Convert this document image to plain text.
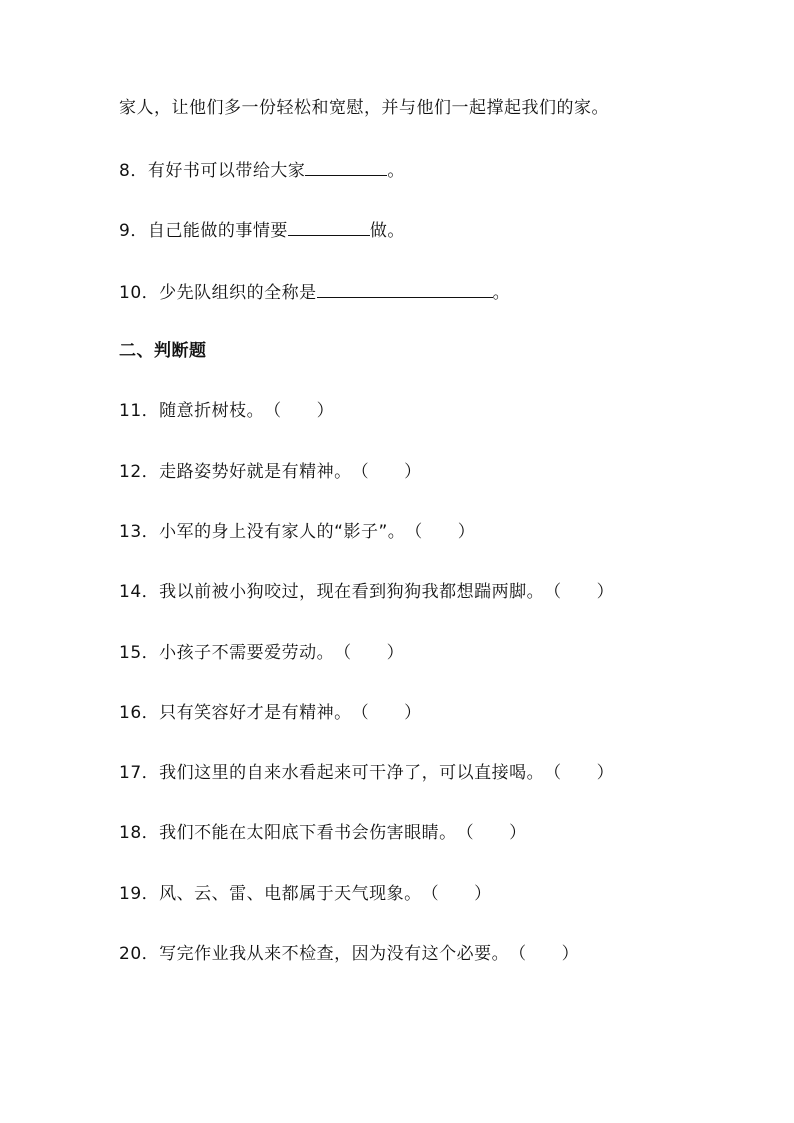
家人，让他们多一份轻松和宽慰，并与他们一起撑起我们的家。
8．有好书可以带给大家	。
9．自己能做的事情要	做。
10．少先队组织的全称是	。
二、判断题
11．随意折树枝。（　　）
12．走路姿势好就是有精神。（　　）
13．小军的身上没有家人的“影子”。（　　）
14．我以前被小狗咬过，现在看到狗狗我都想踹两脚。（　　）
15．小孩子不需要爱劳动。（　　）
16．只有笑容好才是有精神。（　　）
17．我们这里的自来水看起来可干净了，可以直接喝。（　　）
18．我们不能在太阳底下看书会伤害眼睛。（　　）
19．风、云、雷、电都属于天气现象。（　　）
20．写完作业我从来不检查，因为没有这个必要。（　　）
